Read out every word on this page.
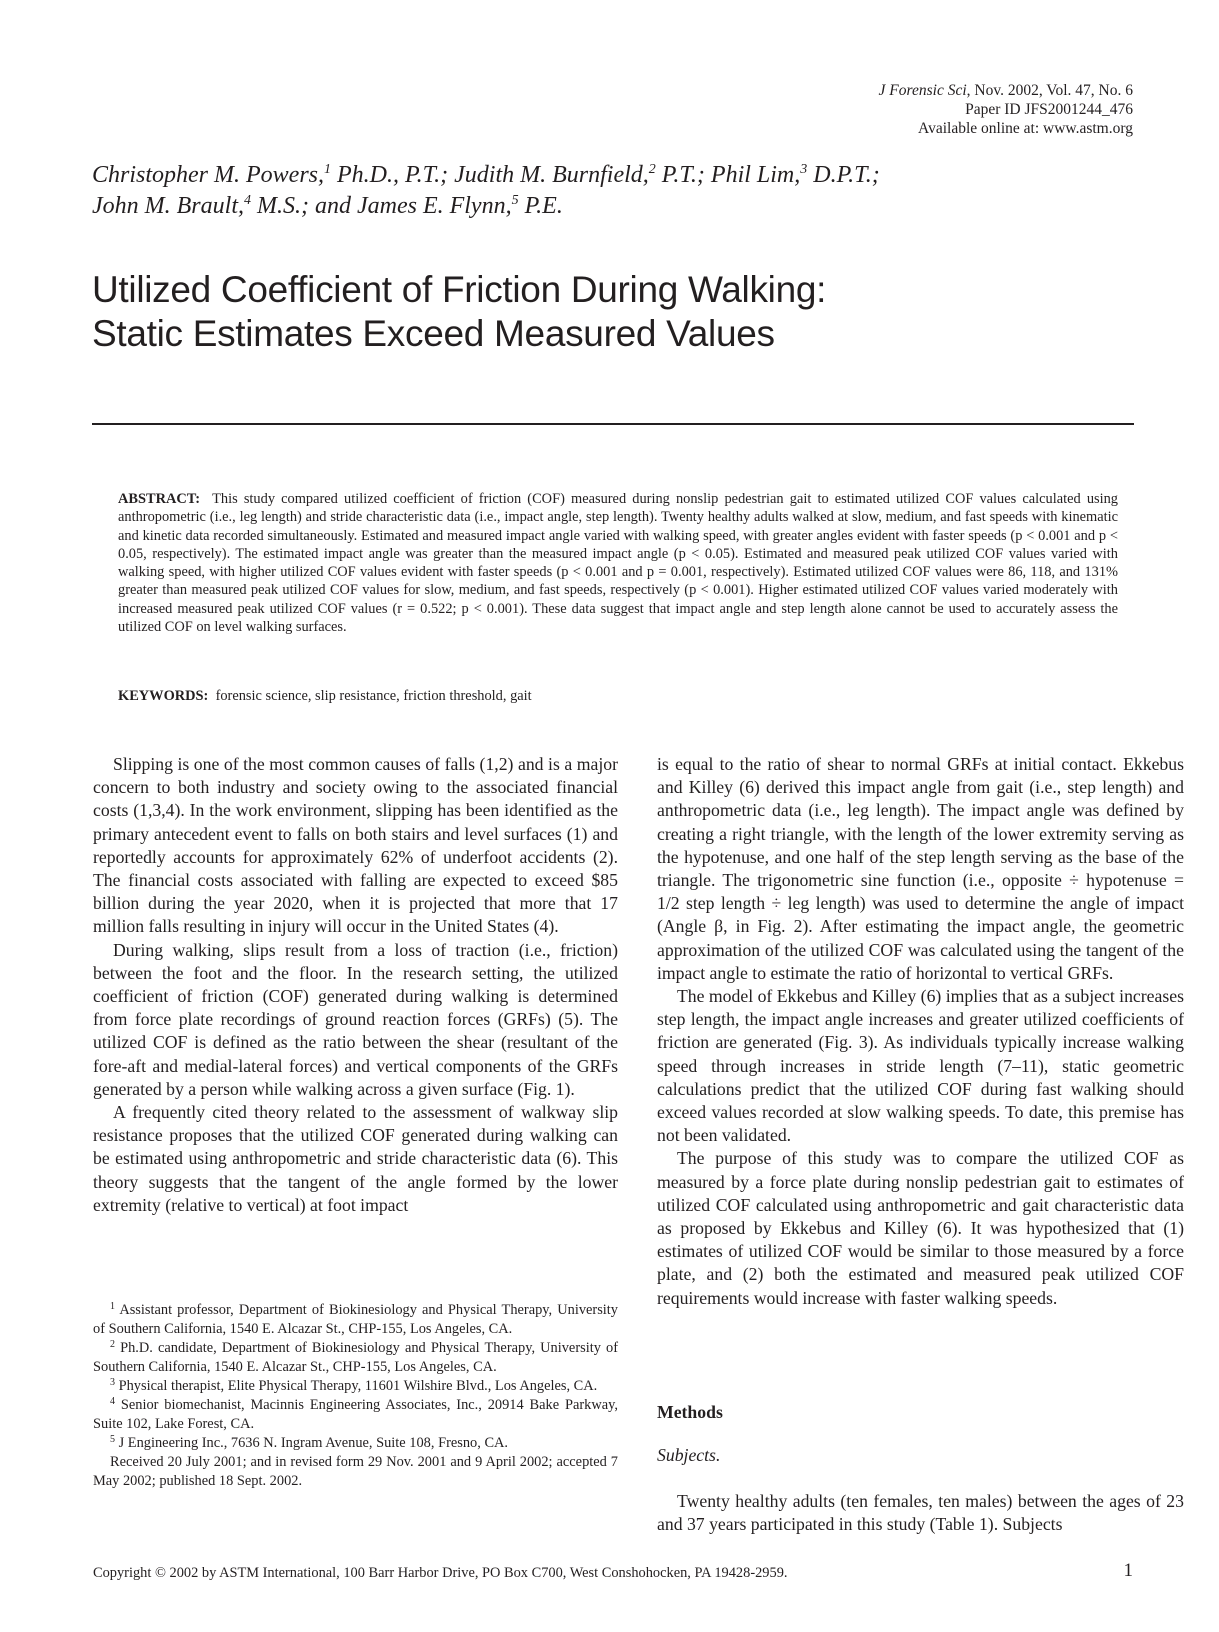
J Forensic Sci, Nov. 2002, Vol. 47, No. 6
Paper ID JFS2001244_476
Available online at: www.astm.org
Christopher M. Powers,$^1$ Ph.D., P.T.; Judith M. Burnfield,$^2$ P.T.; Phil Lim,$^3$ D.P.T.;
John M. Brault,$^4$ M.S.; and James E. Flynn,$^5$ P.E.
Utilized Coefficient of Friction During Walking:
Static Estimates Exceed Measured Values
ABSTRACT: This study compared utilized coefficient of friction (COF) measured during nonslip pedestrian gait to estimated utilized COF values calculated using anthropometric (i.e., leg length) and stride characteristic data (i.e., impact angle, step length). Twenty healthy adults walked at slow, medium, and fast speeds with kinematic and kinetic data recorded simultaneously. Estimated and measured impact angle varied with walking speed, with greater angles evident with faster speeds (p < 0.001 and p < 0.05, respectively). The estimated impact angle was greater than the measured impact angle (p < 0.05). Estimated and measured peak utilized COF values varied with walking speed, with higher utilized COF values evident with faster speeds (p < 0.001 and p = 0.001, respectively). Estimated utilized COF values were 86, 118, and 131% greater than measured peak utilized COF values for slow, medium, and fast speeds, respectively (p < 0.001). Higher estimated utilized COF values varied moderately with increased measured peak utilized COF values (r = 0.522; p < 0.001). These data suggest that impact angle and step length alone cannot be used to accurately assess the utilized COF on level walking surfaces.
KEYWORDS: forensic science, slip resistance, friction threshold, gait

Slipping is one of the most common causes of falls (1,2) and is a major concern to both industry and society owing to the associated financial costs (1,3,4). In the work environment, slipping has been identified as the primary antecedent event to falls on both stairs and level surfaces (1) and reportedly accounts for approximately 62% of underfoot accidents (2). The financial costs associated with falling are expected to exceed $85 billion during the year 2020, when it is projected that more that 17 million falls resulting in injury will occur in the United States (4).

During walking, slips result from a loss of traction (i.e., friction) between the foot and the floor. In the research setting, the utilized coefficient of friction (COF) generated during walking is determined from force plate recordings of ground reaction forces (GRFs) (5). The utilized COF is defined as the ratio between the shear (resultant of the fore-aft and medial-lateral forces) and vertical components of the GRFs generated by a person while walking across a given surface (Fig. 1).

A frequently cited theory related to the assessment of walkway slip resistance proposes that the utilized COF generated during walking can be estimated using anthropometric and stride characteristic data (6). This theory suggests that the tangent of the angle formed by the lower extremity (relative to vertical) at foot impact

$^1$ Assistant professor, Department of Biokinesiology and Physical Therapy, University of Southern California, 1540 E. Alcazar St., CHP-155, Los Angeles, CA.

$^2$ Ph.D. candidate, Department of Biokinesiology and Physical Therapy, University of Southern California, 1540 E. Alcazar St., CHP-155, Los Angeles, CA.

$^3$ Physical therapist, Elite Physical Therapy, 11601 Wilshire Blvd., Los Angeles, CA.

$^4$ Senior biomechanist, Macinnis Engineering Associates, Inc., 20914 Bake Parkway, Suite 102, Lake Forest, CA.

$^5$ J Engineering Inc., 7636 N. Ingram Avenue, Suite 108, Fresno, CA.

Received 20 July 2001; and in revised form 29 Nov. 2001 and 9 April 2002; accepted 7 May 2002; published 18 Sept. 2002.

is equal to the ratio of shear to normal GRFs at initial contact. Ekkebus and Killey (6) derived this impact angle from gait (i.e., step length) and anthropometric data (i.e., leg length). The impact angle was defined by creating a right triangle, with the length of the lower extremity serving as the hypotenuse, and one half of the step length serving as the base of the triangle. The trigonometric sine function (i.e., opposite ÷ hypotenuse = 1/2 step length ÷ leg length) was used to determine the angle of impact (Angle β, in Fig. 2). After estimating the impact angle, the geometric approximation of the utilized COF was calculated using the tangent of the impact angle to estimate the ratio of horizontal to vertical GRFs.

The model of Ekkebus and Killey (6) implies that as a subject increases step length, the impact angle increases and greater utilized coefficients of friction are generated (Fig. 3). As individuals typically increase walking speed through increases in stride length (7–11), static geometric calculations predict that the utilized COF during fast walking should exceed values recorded at slow walking speeds. To date, this premise has not been validated.

The purpose of this study was to compare the utilized COF as measured by a force plate during nonslip pedestrian gait to estimates of utilized COF calculated using anthropometric and gait characteristic data as proposed by Ekkebus and Killey (6). It was hypothesized that (1) estimates of utilized COF would be similar to those measured by a force plate, and (2) both the estimated and measured peak utilized COF requirements would increase with faster walking speeds.

Methods
Subjects.

Twenty healthy adults (ten females, ten males) between the ages of 23 and 37 years participated in this study (Table 1). Subjects

Copyright © 2002 by ASTM International, 100 Barr Harbor Drive, PO Box C700, West Conshohocken, PA 19428-2959.	1
